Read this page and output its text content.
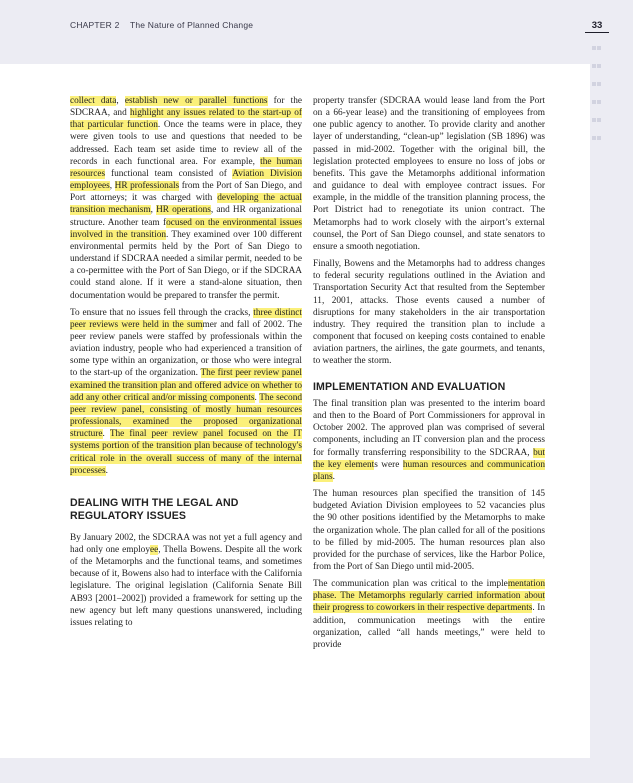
CHAPTER 2 The Nature of Planned Change	33

collect data, establish new or parallel functions for the SDCRAA, and highlight any issues related to the start-up of that particular function. Once the teams were in place, they were given tools to use and questions that needed to be addressed. Each team set aside time to review all of the records in each functional area. For example, the human resources functional team consisted of Aviation Division employees, HR professionals from the Port of San Diego, and Port attorneys; it was charged with developing the actual transition mechanism, HR operations, and HR organizational structure. Another team focused on the environmental issues involved in the transition. They examined over 100 different environmental permits held by the Port of San Diego to understand if SDCRAA needed a similar permit, needed to be a co-permittee with the Port of San Diego, or if the SDCRAA could stand alone. If it were a stand-alone situation, then documentation would be prepared to transfer the permit.

To ensure that no issues fell through the cracks, three distinct peer reviews were held in the summer and fall of 2002. The peer review panels were staffed by professionals within the aviation industry, people who had experienced a transition of some type within an organization, or those who were integral to the start-up of the organization. The first peer review panel examined the transition plan and offered advice on whether to add any other critical and/or missing components. The second peer review panel, consisting of mostly human resources professionals, examined the proposed organizational structure. The final peer review panel focused on the IT systems portion of the transition plan because of technology's critical role in the overall success of many of the internal processes.

DEALING WITH THE LEGAL AND REGULATORY ISSUES

By January 2002, the SDCRAA was not yet a full agency and had only one employee, Thella Bowens. Despite all the work of the Metamorphs and the functional teams, and sometimes because of it, Bowens also had to interface with the California legislature. The original legislation (California Senate Bill AB93 [2001–2002]) provided a framework for setting up the new agency but left many questions unanswered, including issues relating to

property transfer (SDCRAA would lease land from the Port on a 66-year lease) and the transitioning of employees from one public agency to another. To provide clarity and another layer of understanding, “clean-up” legislation (SB 1896) was passed in mid-2002. Together with the original bill, the legislation protected employees to ensure no loss of jobs or benefits. This gave the Metamorphs additional information and guidance to deal with employee contract issues. For example, in the middle of the transition planning process, the Port District had to renegotiate its union contract. The Metamorphs had to work closely with the airport’s external counsel, the Port of San Diego counsel, and state senators to ensure a smooth negotiation.

Finally, Bowens and the Metamorphs had to address changes to federal security regulations outlined in the Aviation and Transportation Security Act that resulted from the September 11, 2001, attacks. Those events caused a number of disruptions for many stakeholders in the air transportation industry. They required the transition plan to include a component that focused on keeping costs contained to enable aviation partners, the airlines, the gate gourmets, and tenants, to weather the storm.

IMPLEMENTATION AND EVALUATION

The final transition plan was presented to the interim board and then to the Board of Port Commissioners for approval in October 2002. The approved plan was comprised of several components, including an IT conversion plan and the process for formally transferring responsibility to the SDCRAA, but the key elements were human resources and communication plans.

The human resources plan specified the transition of 145 budgeted Aviation Division employees to 52 vacancies plus the 90 other positions identified by the Metamorphs to make the organization whole. The plan called for all of the positions to be filled by mid-2005. The human resources plan also provided for the purchase of services, like the Harbor Police, from the Port of San Diego until mid-2005.

The communication plan was critical to the implementation phase. The Metamorphs regularly carried information about their progress to coworkers in their respective departments. In addition, communication meetings with the entire organization, called “all hands meetings,” were held to provide
